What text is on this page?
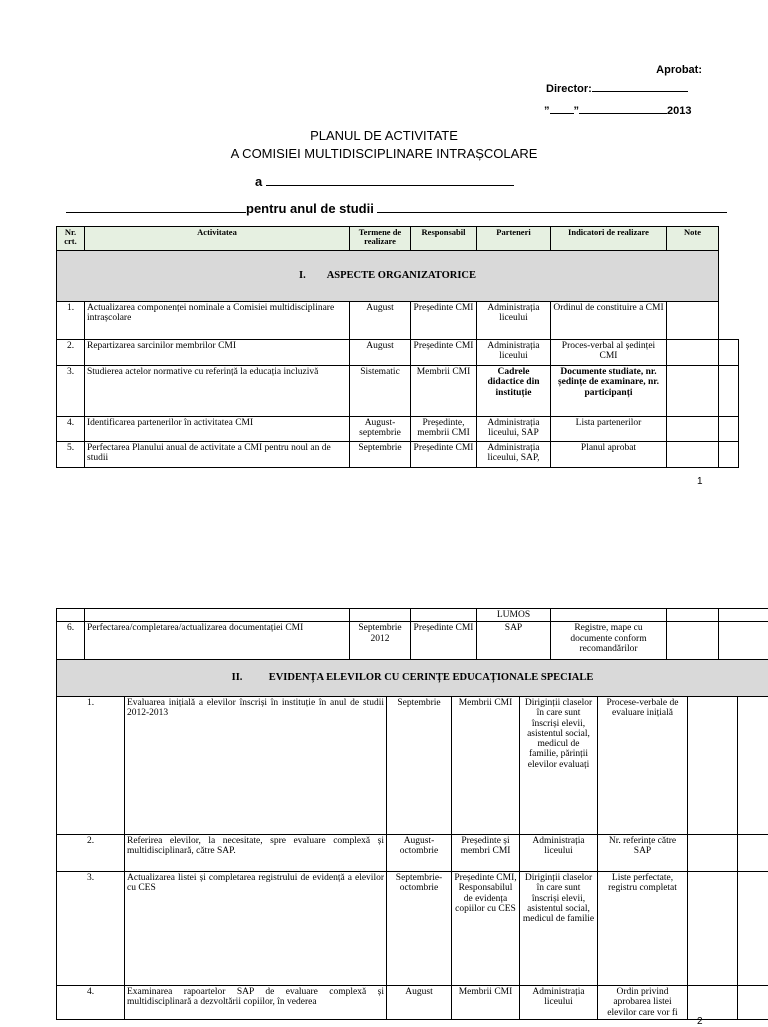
Aprobat:
Director:
” ”	2013
PLANUL DE ACTIVITATE
A COMISIEI MULTIDISCIPLINARE INTRAȘCOLARE
a
pentru anul de studii
Nr. crt.	Activitatea	Termene de realizare	Responsabil	Parteneri	Indicatori de realizare	Note	
I. ASPECTE ORGANIZATORICE							
1.	Actualizarea componenței nominale a Comisiei multidisciplinare intrașcolare	August	Președinte CMI	Administrația liceului	Ordinul de constituire a CMI		
2.	Repartizarea sarcinilor membrilor CMI	August	Președinte CMI	Administrația liceului	Proces-verbal al ședinței CMI		
3.	Studierea actelor normative cu referință la educația incluzivă	Sistematic	Membrii CMI	Cadrele didactice din instituție	Documente studiate, nr. ședințe de examinare, nr. participanți		
4.	Identificarea partenerilor în activitatea CMI	August-septembrie	Președinte, membrii CMI	Administrația liceului, SAP	Lista partenerilor		
5.	Perfectarea Planului anual de activitate a CMI pentru noul an de studii	Septembrie	Președinte CMI	Administrația liceului, SAP,	Planul aprobat		
1
				LUMOS			
6.	Perfectarea/completarea/actualizarea documentației CMI	Septembrie 2012	Președinte CMI	SAP	Registre, mape cu documente conform recomandărilor		
II. EVIDENȚA ELEVILOR CU CERINȚE EDUCAȚIONALE SPECIALE							
1.	Evaluarea inițială a elevilor înscriși în instituție în anul de studii 2012-2013	Septembrie	Membrii CMI	Diriginții claselor în care sunt înscriși elevii, asistentul social, medicul de familie, părinții elevilor evaluați	Procese-verbale de evaluare inițială		
2.	Referirea elevilor, la necesitate, spre evaluare complexă și multidisciplinară, către SAP.	August-octombrie	Președinte și membri CMI	Administrația liceului	Nr. referințe către SAP		
3.	Actualizarea listei și completarea registrului de evidență a elevilor cu CES	Septembrie-octombrie	Președinte CMI, Responsabilul de evidența copiilor cu CES	Diriginții claselor în care sunt înscriși elevii, asistentul social, medicul de familie	Liste perfectate, registru completat		
4.	Examinarea rapoartelor SAP de evaluare complexă și multidisciplinară a dezvoltării copiilor, în vederea	August	Membrii CMI	Administrația liceului	Ordin privind aprobarea listei elevilor care vor fi		
2
